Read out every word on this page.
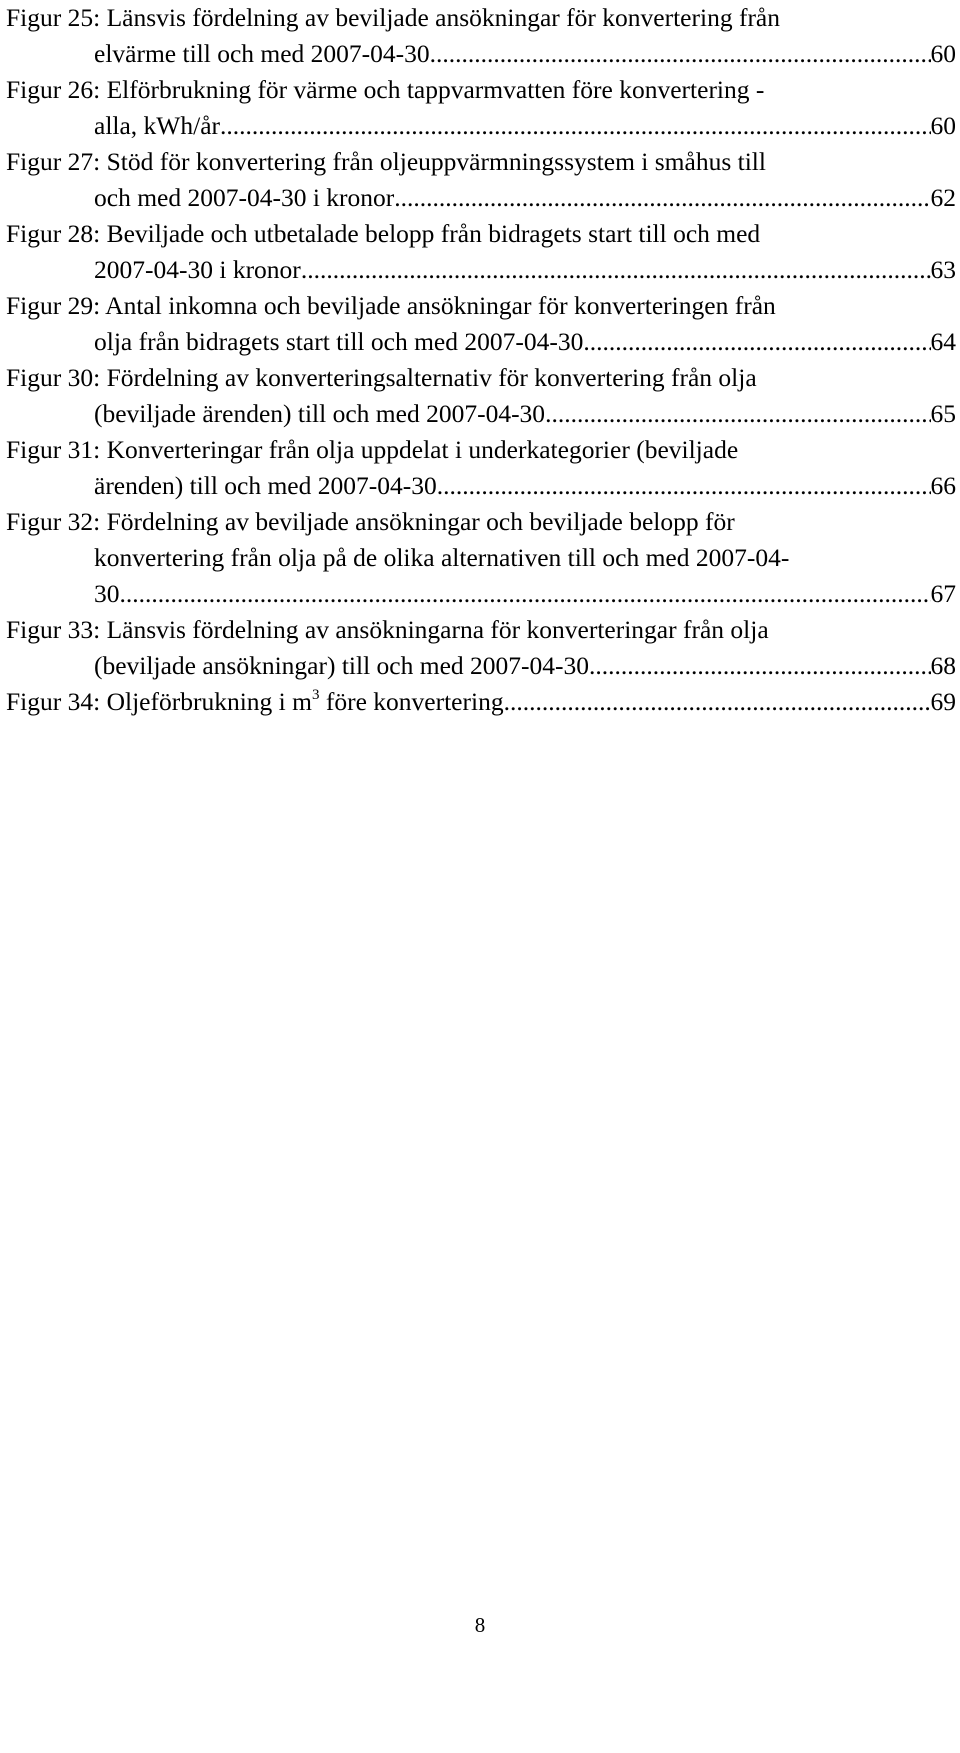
Figur 25: Länsvis fördelning av beviljade ansökningar för konvertering från
elvärme till och med 2007-04-30 .....	60
Figur 26: Elförbrukning för värme och tappvarmvatten före konvertering -
alla, kWh/år .....	60
Figur 27: Stöd för konvertering från oljeuppvärmningssystem i småhus till
och med 2007-04-30 i kronor .....	62
Figur 28: Beviljade och utbetalade belopp från bidragets start till och med
2007-04-30 i kronor .....	63
Figur 29: Antal inkomna och beviljade ansökningar för konverteringen från
olja från bidragets start till och med 2007-04-30 .....	64
Figur 30: Fördelning av konverteringsalternativ för konvertering från olja
(beviljade ärenden) till och med 2007-04-30 .....	65
Figur 31: Konverteringar från olja uppdelat i underkategorier (beviljade
ärenden) till och med 2007-04-30 .....	66
Figur 32: Fördelning av beviljade ansökningar och beviljade belopp för
konvertering från olja på de olika alternativen till och med 2007-04-
30 .....	67
Figur 33: Länsvis fördelning av ansökningarna för konverteringar från olja
(beviljade ansökningar) till och med 2007-04-30 .....	68
Figur 34: Oljeförbrukning i $m^3$ före konvertering .....	69
8
